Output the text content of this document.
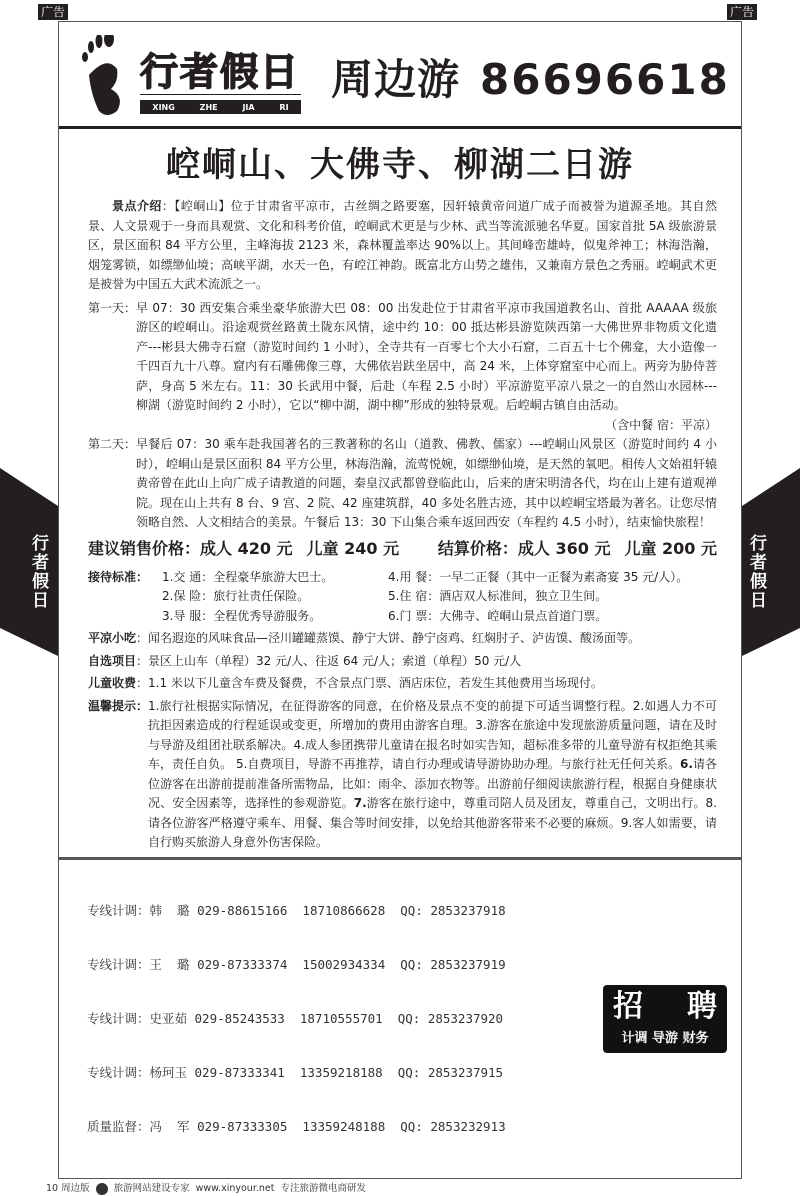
广告	广告
行
者
假
日
行
者
假
日
行者假日
XING	ZHE	JIA	RI
周边游 86696618
崆峒山、大佛寺、柳湖二日游
景点介绍：【崆峒山】位于甘肃省平凉市，古丝绸之路要塞，因轩辕黄帝问道广成子而被誉为道源圣地。其自然景、人文景观于一身而具观赏、文化和科考价值，崆峒武术更是与少林、武当等流派驰名华夏。国家首批 5A 级旅游景区，景区面积 84 平方公里，主峰海拔 2123 米，森林覆盖率达 90%以上。其间峰峦雄峙，似鬼斧神工；林海浩瀚，烟笼雾锁，如缥缈仙境；高峡平湖，水天一色，有崆江神韵。既富北方山势之雄伟，又兼南方景色之秀丽。崆峒武术更是被誉为中国五大武术流派之一。
第一天： 早 07：30 西安集合乘坐豪华旅游大巴 08：00 出发赴位于甘肃省平凉市我国道教名山、首批 AAAAA 级旅游区的崆峒山。沿途观赏丝路黄土陇东风情，途中约 10：00 抵达彬县游览陕西第一大佛世界非物质文化遗产---彬县大佛寺石窟（游览时间约 1 小时），全寺共有一百零七个大小石窟，二百五十七个佛龛，大小造像一千四百九十八尊。窟内有石雕佛像三尊，大佛依岩趺坐居中，高 24 米，上体穿窟室中心而上。两旁为胁侍菩萨，身高 5 米左右。11：30 长武用中餐，后赴（车程 2.5 小时）平凉游览平凉八景之一的自然山水园林---柳湖（游览时间约 2 小时），它以“柳中湖，湖中柳”形成的独特景观。后崆峒古镇自由活动。
（含中餐 宿：平凉）
第二天： 早餐后 07：30 乘车赴我国著名的三教著称的名山（道教、佛教、儒家）---崆峒山风景区（游览时间约 4 小时），崆峒山是景区面积 84 平方公里，林海浩瀚，流莺悦婉，如缥缈仙境，是天然的氧吧。相传人文始祖轩辕黄帝曾在此山上向广成子请教道的问题，秦皇汉武都曾登临此山，后来的唐宋明清各代，均在山上建有道观禅院。现在山上共有 8 台、9 宫、2 院、42 座建筑群，40 多处名胜古迹，其中以崆峒宝塔最为著名。让您尽情领略自然、人文相结合的美景。午餐后 13：30 下山集合乘车返回西安（车程约 4.5 小时），结束愉快旅程！
建议销售价格：成人 420 元 儿童 240 元 结算价格：成人 360 元 儿童 200 元
接待标准：	1.交 通：全程豪华旅游大巴士。	4.用 餐：一早二正餐（其中一正餐为素斋宴 35 元/人）。
2.保 险：旅行社责任保险。	5.住 宿：酒店双人标准间，独立卫生间。
3.导 服：全程优秀导游服务。	6.门 票：大佛寺、崆峒山景点首道门票。
平凉小吃：闻名遐迩的风味食品—泾川罐罐蒸馍、静宁大饼、静宁卤鸡、红焖肘子、泸齿馍、酸汤面等。
自选项目：景区上山车（单程）32 元/人、往返 64 元/人；索道（单程）50 元/人
儿童收费：1.1 米以下儿童含车费及餐费，不含景点门票、酒店床位，若发生其他费用当场现付。
温馨提示： 1.旅行社根据实际情况，在征得游客的同意，在价格及景点不变的前提下可适当调整行程。2.如遇人力不可抗拒因素造成的行程延误或变更，所增加的费用由游客自理。3.游客在旅途中发现旅游质量问题，请在及时与导游及组团社联系解决。4.成人参团携带儿童请在报名时如实告知，超标准多带的儿童导游有权拒绝其乘车，责任自负。 5.自费项目，导游不再推荐，请自行办理或请导游协助办理。与旅行社无任何关系。6.请各位游客在出游前提前准备所需物品，比如：雨伞、添加衣物等。出游前仔细阅读旅游行程，根据自身健康状况、安全因素等，选择性的参观游览。7.游客在旅行途中，尊重司陪人员及团友，尊重自己，文明出行。8.请各位游客严格遵守乘车、用餐、集合等时间安排，以免给其他游客带来不必要的麻烦。9.客人如需要，请自行购买旅游人身意外伤害保险。

专线计调：韩  璐 029-88615166  18710866628  QQ: 2853237918

专线计调：王  璐 029-87333374  15002934334  QQ: 2853237919

专线计调：史亚茹 029-85243533  18710555701  QQ: 2853237920

专线计调：杨珂玉 029-87333341  13359218188  QQ: 2853237915

质量监督：冯  军 029-87333305  13359248188  QQ: 2853232913

招 聘
计调 导游 财务
10 周边版	旅游网站建设专家 www.xinyour.net 专注旅游微电商研发
